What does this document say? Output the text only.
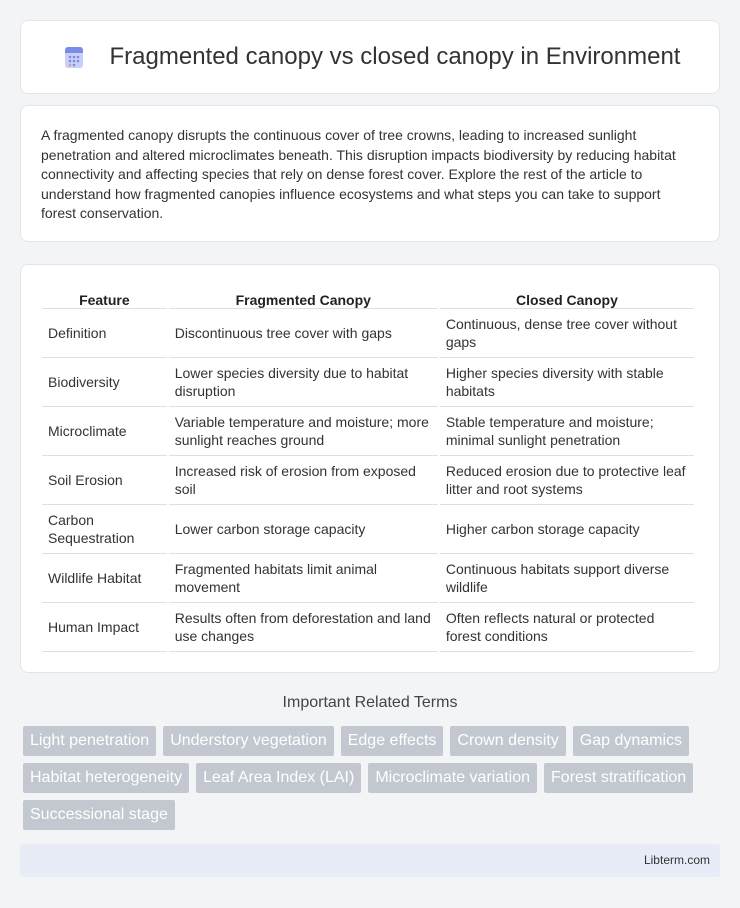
Fragmented canopy vs closed canopy in Environment

A fragmented canopy disrupts the continuous cover of tree crowns, leading to increased sunlight penetration and altered microclimates beneath. This disruption impacts biodiversity by reducing habitat connectivity and affecting species that rely on dense forest cover. Explore the rest of the article to understand how fragmented canopies influence ecosystems and what steps you can take to support forest conservation.

Feature	Fragmented Canopy	Closed Canopy
Definition	Discontinuous tree cover with gaps	Continuous, dense tree cover without gaps
Biodiversity	Lower species diversity due to habitat disruption	Higher species diversity with stable habitats
Microclimate	Variable temperature and moisture; more sunlight reaches ground	Stable temperature and moisture; minimal sunlight penetration
Soil Erosion	Increased risk of erosion from exposed soil	Reduced erosion due to protective leaf litter and root systems
Carbon Sequestration	Lower carbon storage capacity	Higher carbon storage capacity
Wildlife Habitat	Fragmented habitats limit animal movement	Continuous habitats support diverse wildlife
Human Impact	Results often from deforestation and land use changes	Often reflects natural or protected forest conditions
Important Related Terms
Light penetration	Understory vegetation	Edge effects	Crown density	Gap dynamics
Habitat heterogeneity	Leaf Area Index (LAI)	Microclimate variation	Forest stratification
Successional stage
Libterm.com
